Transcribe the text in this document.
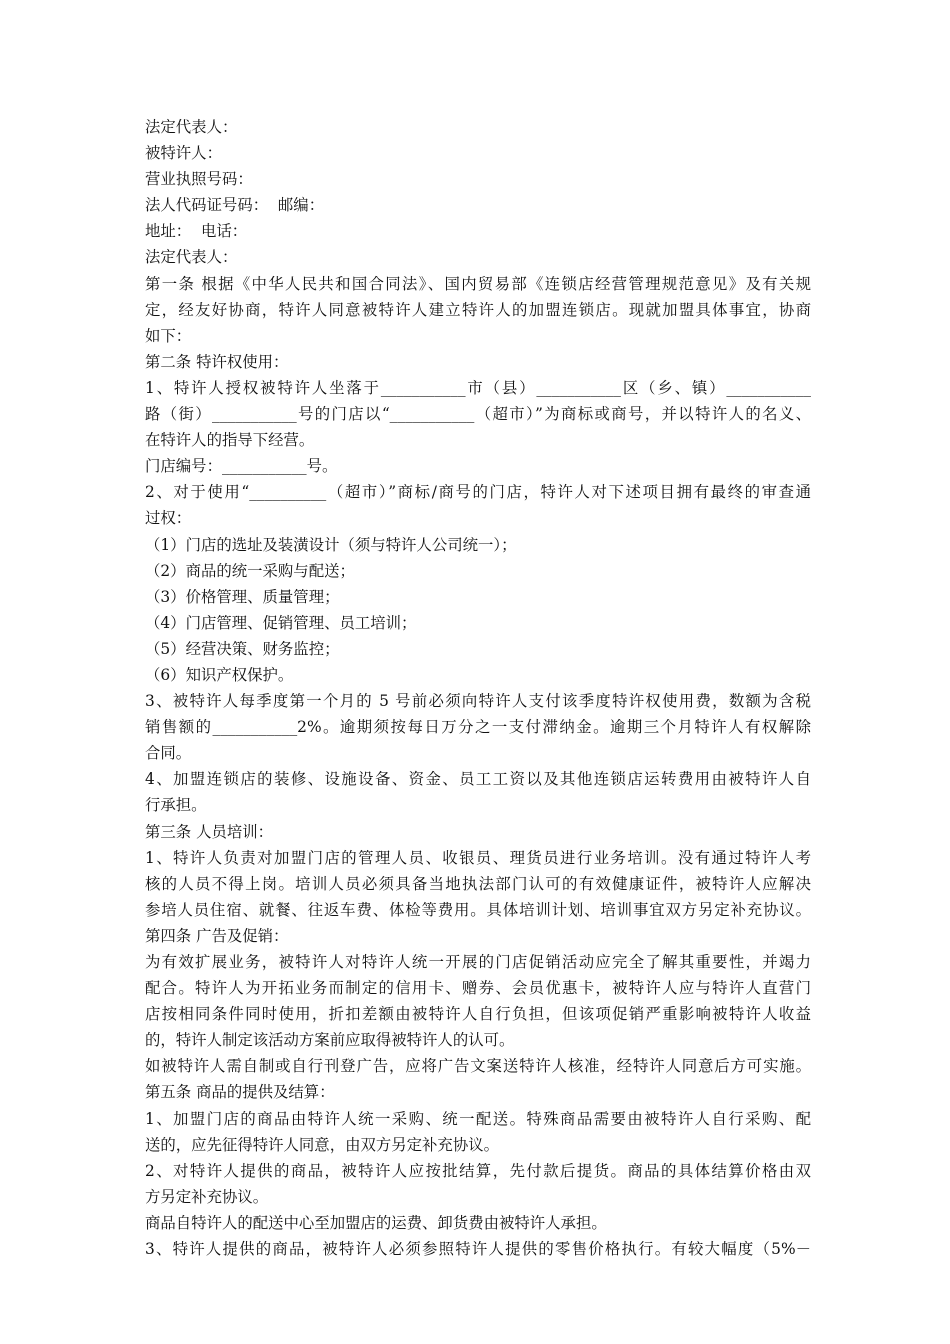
法定代表人：
被特许人：
营业执照号码：
法人代码证号码：  邮编：
地址：  电话：
法定代表人：
第一条 根据《中华人民共和国合同法》、国内贸易部《连锁店经营管理规范意见》及有关规
定，经友好协商，特许人同意被特许人建立特许人的加盟连锁店。现就加盟具体事宜，协商
如下：
第二条 特许权使用：
1、特许人授权被特许人坐落于___________市（县）___________区（乡、镇）___________
路（街）___________号的门店以“___________（超市）”为商标或商号，并以特许人的名义、
在特许人的指导下经营。
门店编号：___________号。
2、对于使用“__________（超市）”商标/商号的门店，特许人对下述项目拥有最终的审查通
过权：
（1）门店的选址及装潢设计（须与特许人公司统一）；
（2）商品的统一采购与配送；
（3）价格管理、质量管理；
（4）门店管理、促销管理、员工培训；
（5）经营决策、财务监控；
（6）知识产权保护。
3、被特许人每季度第一个月的 5 号前必须向特许人支付该季度特许权使用费，数额为含税
销售额的___________2%。逾期须按每日万分之一支付滞纳金。逾期三个月特许人有权解除
合同。
4、加盟连锁店的装修、设施设备、资金、员工工资以及其他连锁店运转费用由被特许人自
行承担。
第三条 人员培训：
1、特许人负责对加盟门店的管理人员、收银员、理货员进行业务培训。没有通过特许人考
核的人员不得上岗。培训人员必须具备当地执法部门认可的有效健康证件，被特许人应解决
参培人员住宿、就餐、往返车费、体检等费用。具体培训计划、培训事宜双方另定补充协议。
第四条 广告及促销：
为有效扩展业务，被特许人对特许人统一开展的门店促销活动应完全了解其重要性，并竭力
配合。特许人为开拓业务而制定的信用卡、赠券、会员优惠卡，被特许人应与特许人直营门
店按相同条件同时使用，折扣差额由被特许人自行负担，但该项促销严重影响被特许人收益
的，特许人制定该活动方案前应取得被特许人的认可。
如被特许人需自制或自行刊登广告，应将广告文案送特许人核准，经特许人同意后方可实施。
第五条 商品的提供及结算：
1、加盟门店的商品由特许人统一采购、统一配送。特殊商品需要由被特许人自行采购、配
送的，应先征得特许人同意，由双方另定补充协议。
2、对特许人提供的商品，被特许人应按批结算，先付款后提货。商品的具体结算价格由双
方另定补充协议。
商品自特许人的配送中心至加盟店的运费、卸货费由被特许人承担。
3、特许人提供的商品，被特许人必须参照特许人提供的零售价格执行。有较大幅度（5%－
